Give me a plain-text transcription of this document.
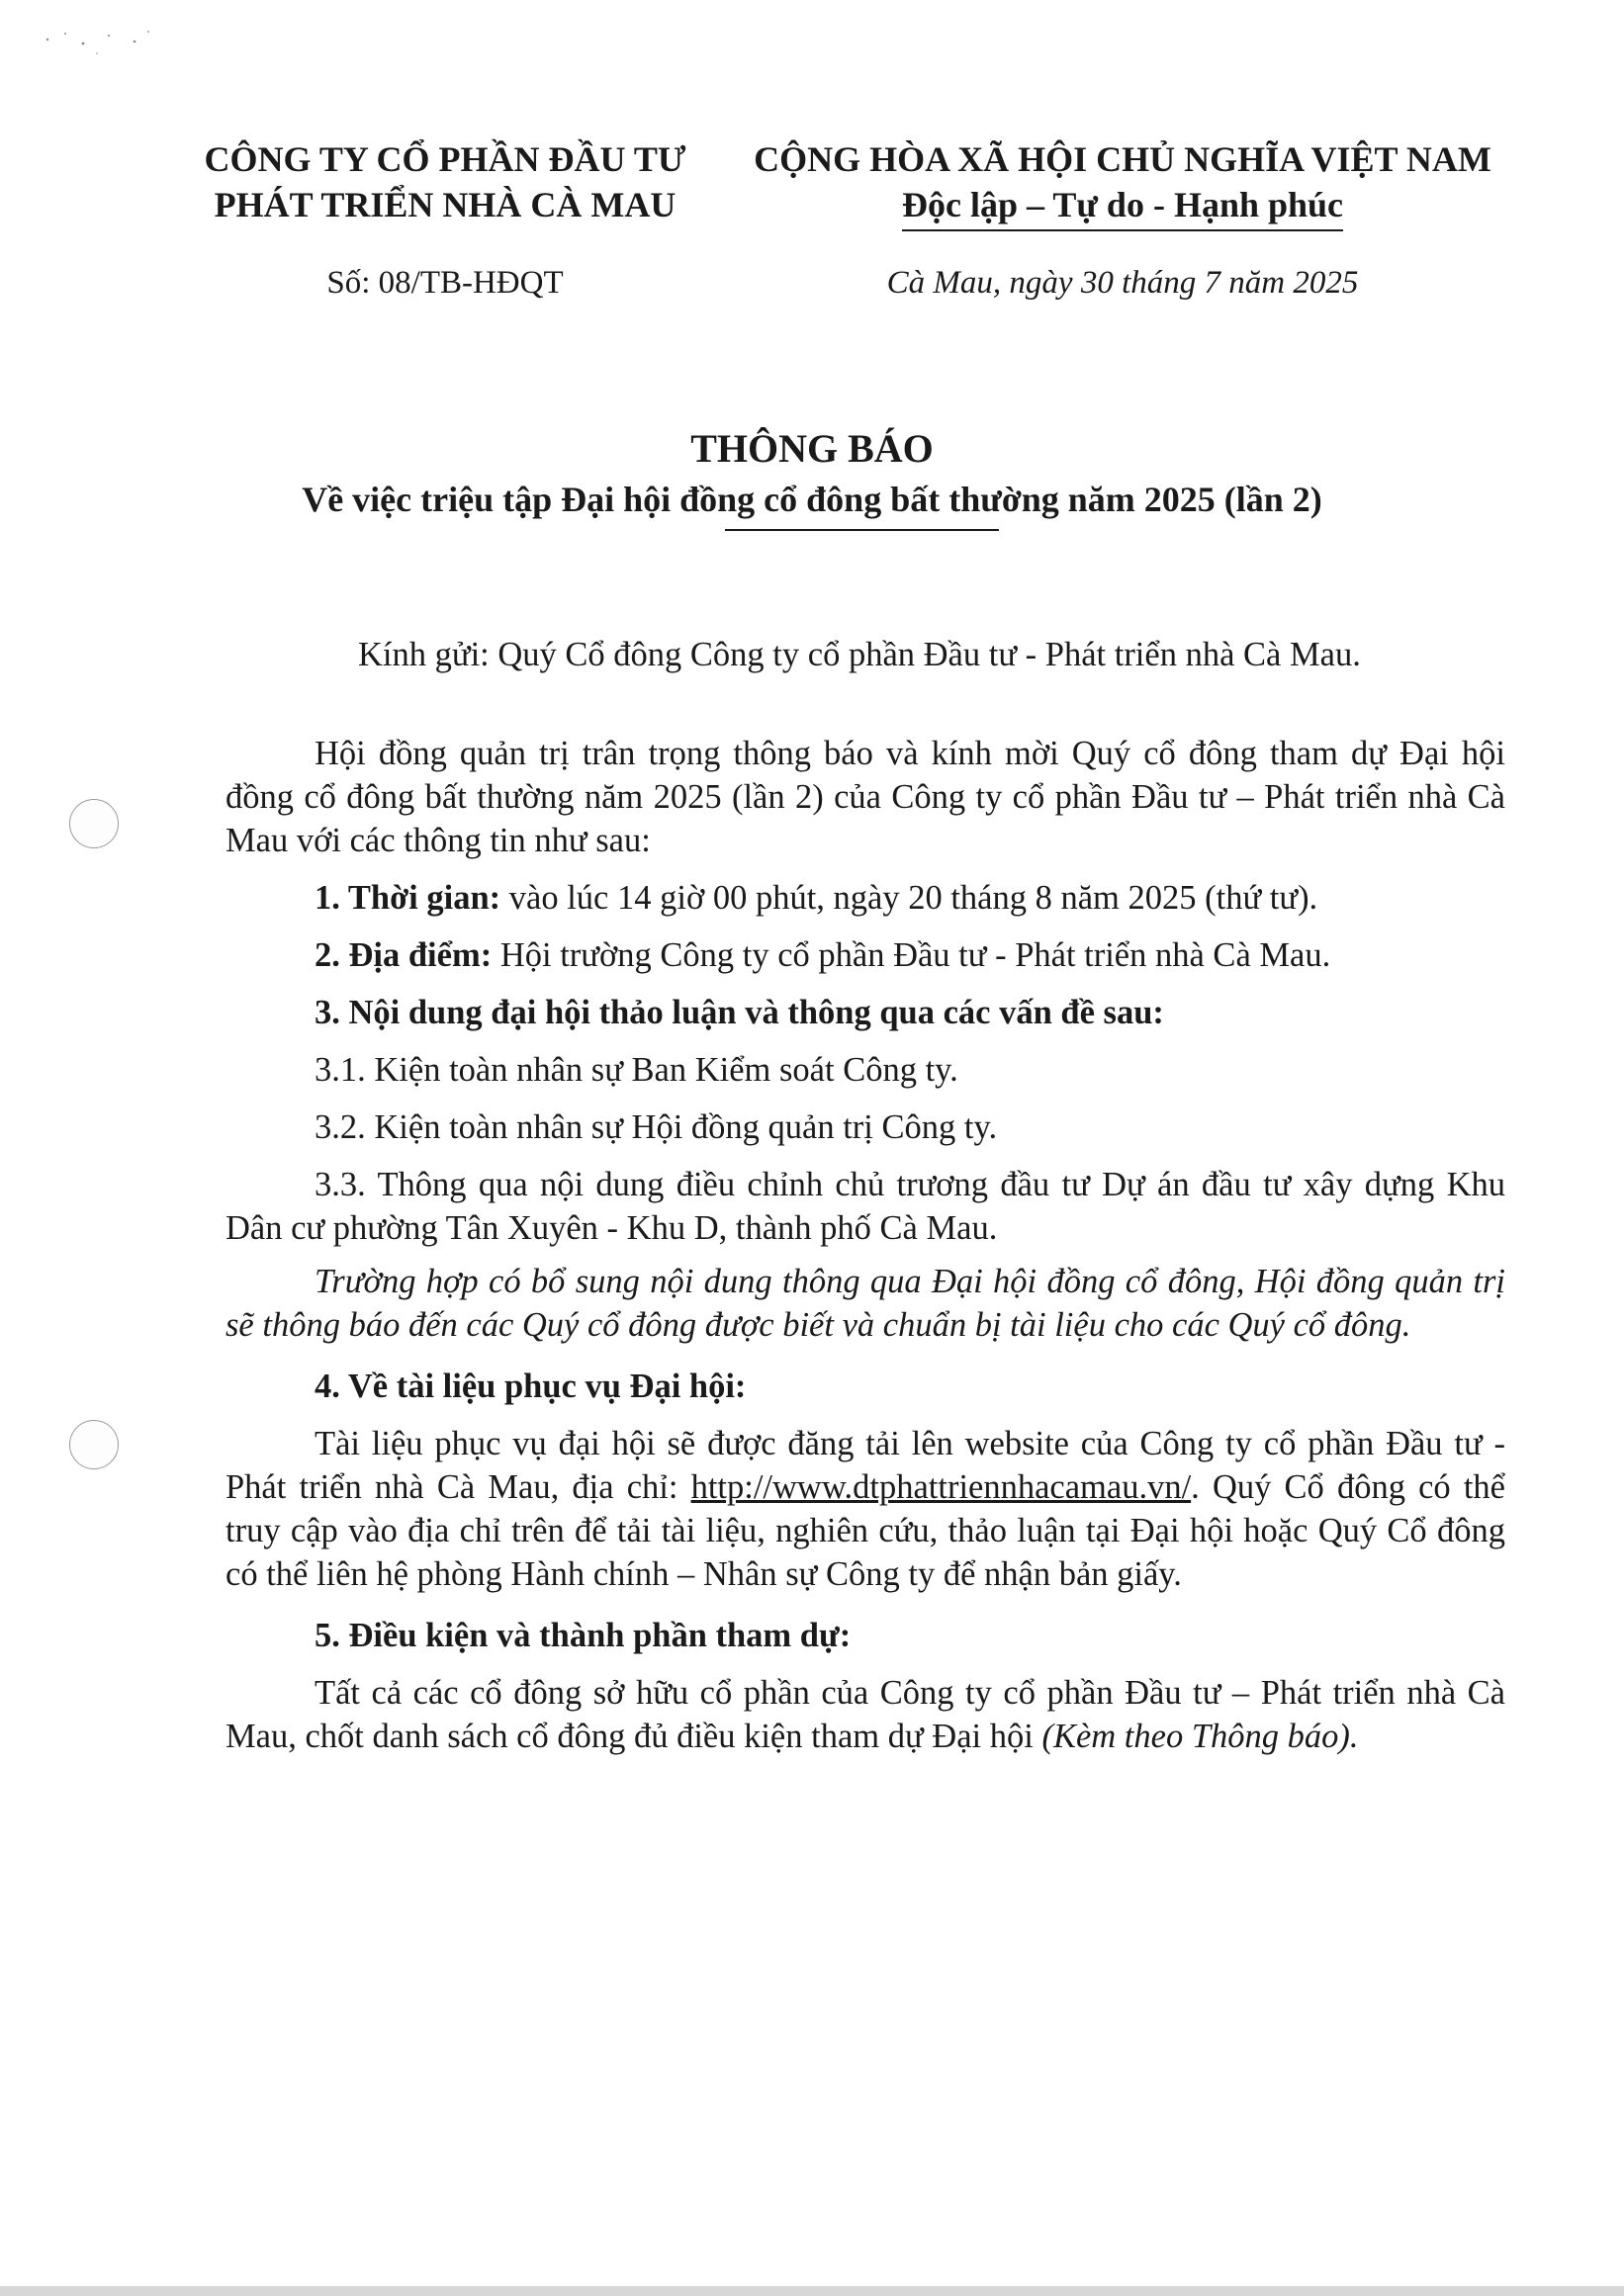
CÔNG TY CỔ PHẦN ĐẦU TƯ
PHÁT TRIỂN NHÀ CÀ MAU
CỘNG HÒA XÃ HỘI CHỦ NGHĨA VIỆT NAM
Độc lập – Tự do - Hạnh phúc
Số: 08/TB-HĐQT	Cà Mau, ngày 30 tháng 7 năm 2025
THÔNG BÁO
Về việc triệu tập Đại hội đồng cổ đông bất thường năm 2025 (lần 2)

Kính gửi: Quý Cổ đông Công ty cổ phần Đầu tư - Phát triển nhà Cà Mau.

Hội đồng quản trị trân trọng thông báo và kính mời Quý cổ đông tham dự Đại hội đồng cổ đông bất thường năm 2025 (lần 2) của Công ty cổ phần Đầu tư – Phát triển nhà Cà Mau với các thông tin như sau:

1. Thời gian: vào lúc 14 giờ 00 phút, ngày 20 tháng 8 năm 2025 (thứ tư).

2. Địa điểm: Hội trường Công ty cổ phần Đầu tư - Phát triển nhà Cà Mau.

3. Nội dung đại hội thảo luận và thông qua các vấn đề sau:

3.1. Kiện toàn nhân sự Ban Kiểm soát Công ty.

3.2. Kiện toàn nhân sự Hội đồng quản trị Công ty.

3.3. Thông qua nội dung điều chỉnh chủ trương đầu tư Dự án đầu tư xây dựng Khu Dân cư phường Tân Xuyên - Khu D, thành phố Cà Mau.

Trường hợp có bổ sung nội dung thông qua Đại hội đồng cổ đông, Hội đồng quản trị sẽ thông báo đến các Quý cổ đông được biết và chuẩn bị tài liệu cho các Quý cổ đông.

4. Về tài liệu phục vụ Đại hội:

Tài liệu phục vụ đại hội sẽ được đăng tải lên website của Công ty cổ phần Đầu tư - Phát triển nhà Cà Mau, địa chỉ: http://www.dtphattriennhacamau.vn/. Quý Cổ đông có thể truy cập vào địa chỉ trên để tải tài liệu, nghiên cứu, thảo luận tại Đại hội hoặc Quý Cổ đông có thể liên hệ phòng Hành chính – Nhân sự Công ty để nhận bản giấy.

5. Điều kiện và thành phần tham dự:

Tất cả các cổ đông sở hữu cổ phần của Công ty cổ phần Đầu tư – Phát triển nhà Cà Mau, chốt danh sách cổ đông đủ điều kiện tham dự Đại hội (Kèm theo Thông báo).
